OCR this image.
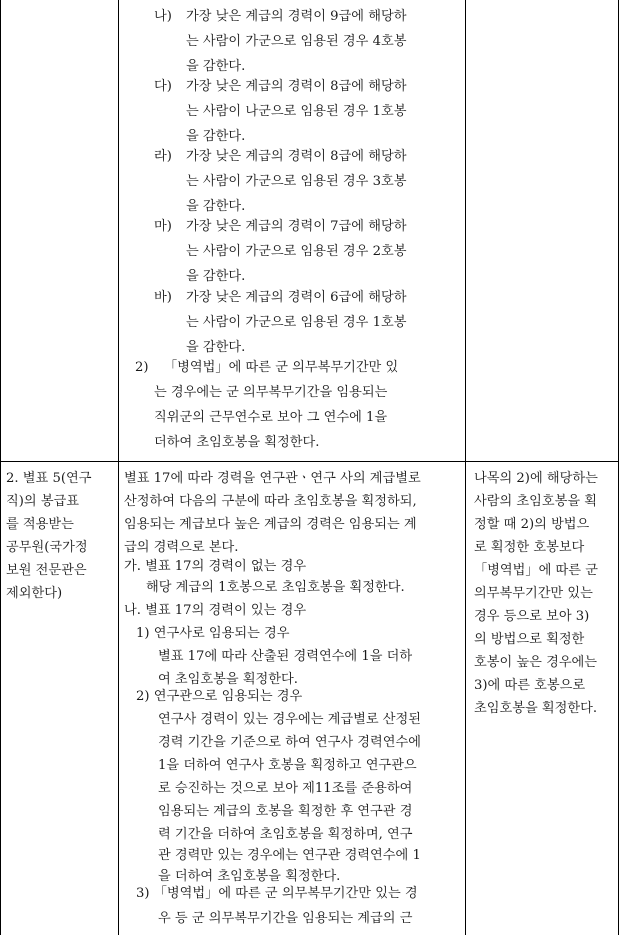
나) 가장 낮은 계급의 경력이 9급에 해당하
는 사람이 가군으로 임용된 경우 4호봉
을 감한다.
다) 가장 낮은 계급의 경력이 8급에 해당하
는 사람이 나군으로 임용된 경우 1호봉
을 감한다.
라) 가장 낮은 계급의 경력이 8급에 해당하
는 사람이 가군으로 임용된 경우 3호봉
을 감한다.
마) 가장 낮은 계급의 경력이 7급에 해당하
는 사람이 가군으로 임용된 경우 2호봉
을 감한다.
바) 가장 낮은 계급의 경력이 6급에 해당하
는 사람이 가군으로 임용된 경우 1호봉
을 감한다.
2) 「병역법」에 따른 군 의무복무기간만 있
는 경우에는 군 의무복무기간을 임용되는
직위군의 근무연수로 보아 그 연수에 1을
더하여 초임호봉을 획정한다.
2. 별표 5(연구
직)의 봉급표
를 적용받는
공무원(국가정
보원 전문관은
제외한다)
별표 17에 따라 경력을 연구관ㆍ연구 사의 계급별로
산정하여 다음의 구분에 따라 초임호봉을 획정하되,
임용되는 계급보다 높은 계급의 경력은 임용되는 계
급의 경력으로 본다.
가. 별표 17의 경력이 없는 경우
해당 계급의 1호봉으로 초임호봉을 획정한다.
나. 별표 17의 경력이 있는 경우
1) 연구사로 임용되는 경우
별표 17에 따라 산출된 경력연수에 1을 더하
여 초임호봉을 획정한다.
2) 연구관으로 임용되는 경우
연구사 경력이 있는 경우에는 계급별로 산정된
경력 기간을 기준으로 하여 연구사 경력연수에
1을 더하여 연구사 호봉을 획정하고 연구관으
로 승진하는 것으로 보아 제11조를 준용하여
임용되는 계급의 호봉을 획정한 후 연구관 경
력 기간을 더하여 초임호봉을 획정하며, 연구
관 경력만 있는 경우에는 연구관 경력연수에 1
을 더하여 초임호봉을 획정한다.
3) 「병역법」에 따른 군 의무복무기간만 있는 경
우 등 군 의무복무기간을 임용되는 계급의 근
나목의 2)에 해당하는
사람의 초임호봉을 획
정할 때 2)의 방법으
로 획정한 호봉보다
「병역법」에 따른 군
의무복무기간만 있는
경우 등으로 보아 3)
의 방법으로 획정한
호봉이 높은 경우에는
3)에 따른 호봉으로
초임호봉을 획정한다.
